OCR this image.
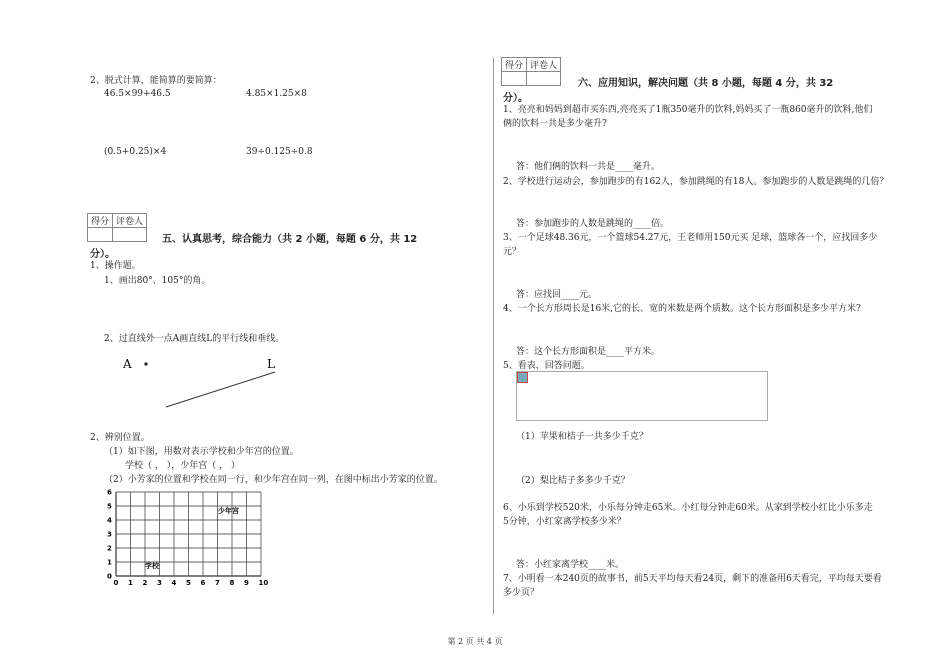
2、脱式计算，能简算的要简算：
46.5×99+46.5	4.85×1.25×8
(0.5+0.25)×4	39÷0.125÷0.8
得分	评卷人

五、认真思考，综合能力（共 2 小题，每题 6 分，共 12
分）。
1、操作题。
1、画出80°、105°的角。
2、过直线外一点A画直线L的平行线和垂线。
A	L
2、辨别位置。
（1）如下图，用数对表示学校和少年宫的位置。
学校（ ， ），少年宫（ ， ）
（2）小芳家的位置和学校在同一行，和少年宫在同一列，在图中标出小芳家的位置。
0 1 2 3 4 5 6 7 8 9 10
0
1
2
3
4
5
6
少年宫
学校
得分	评卷人

六、应用知识，解决问题（共 8 小题，每题 4 分，共 32
分）。
1、亮亮和妈妈到超市买东西,亮亮买了1瓶350毫升的饮料,妈妈买了一瓶860毫升的饮料,他们
俩的饮料一共是多少毫升?
答：他们俩的饮料一共是____毫升。
2、学校进行运动会，参加跑步的有162人，参加跳绳的有18人。参加跑步的人数是跳绳的几倍？
答：参加跑步的人数是跳绳的____倍。
3、一个足球48.36元，一个篮球54.27元，王老师用150元买 足球，篮球各一个，应找回多少
元？
答：应找回____元。
4、一个长方形周长是16米,它的长、宽的米数是两个质数。这个长方形面积是多少平方米?
答：这个长方形面积是____平方米。
5、看表，回答问题。
（1）苹果和桔子一共多少千克？
（2）梨比桔子多多少千克？
6、小乐到学校520米，小乐每分钟走65米。小红每分钟走60米。从家到学校小红比小乐多走
5分钟，小红家离学校多少米？
答：小红家离学校____米。
7、小明看一本240页的故事书，前5天平均每天看24页，剩下的准备用6天看完，平均每天要看
多少页？
第 2 页 共 4 页
